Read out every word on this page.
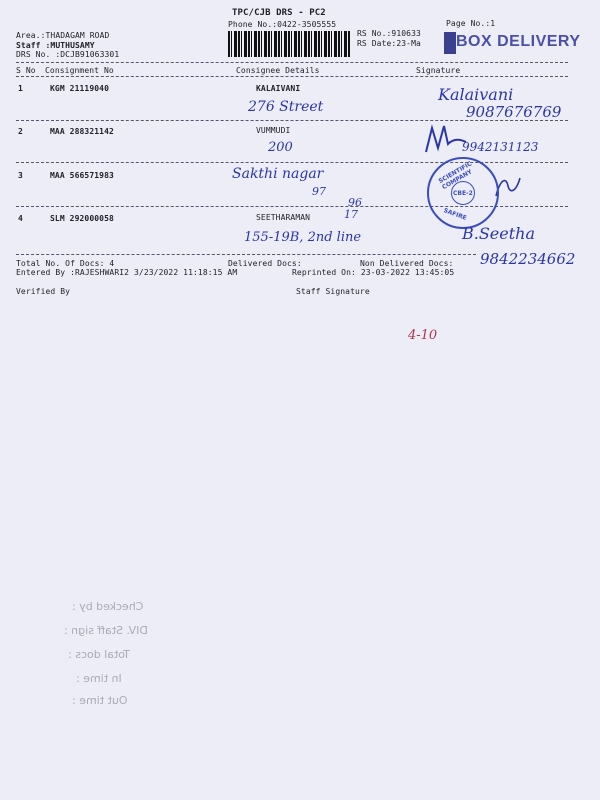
TPC/CJB DRS - PC2
Phone No.:0422-3505555	Page No.:1
RS No.:910633
RS Date:23-Ma
Area.:THADAGAM ROAD
Staff :MUTHUSAMY
DRS No. :DCJB91063301
BOX DELIVERY
S No Consignment No	Consignee Details	Signature
1	KGM 21119040	KALAIVANI
276 Street
Kalaivani
9087676769
2	MAA 288321142	VUMMUDI
200	9942131123
3	MAA 566571983	Sakthi nagar
97
96
SCIENTIFIC COMPANY
SAFIRE
CBE-2
4	SLM 292000058	SEETHARAMAN	17
155-19B, 2nd line	B.Seetha
9842234662
Total No. Of Docs: 4	Delivered Docs:	Non Delivered Docs:
Entered By :RAJESHWARI2 3/23/2022 11:18:15 AM	Reprinted On: 23-03-2022 13:45:05
Verified By	Staff Signature
4-10
Checked by :
DIV. Staff sign :
Total docs :
In time :
Out time :
